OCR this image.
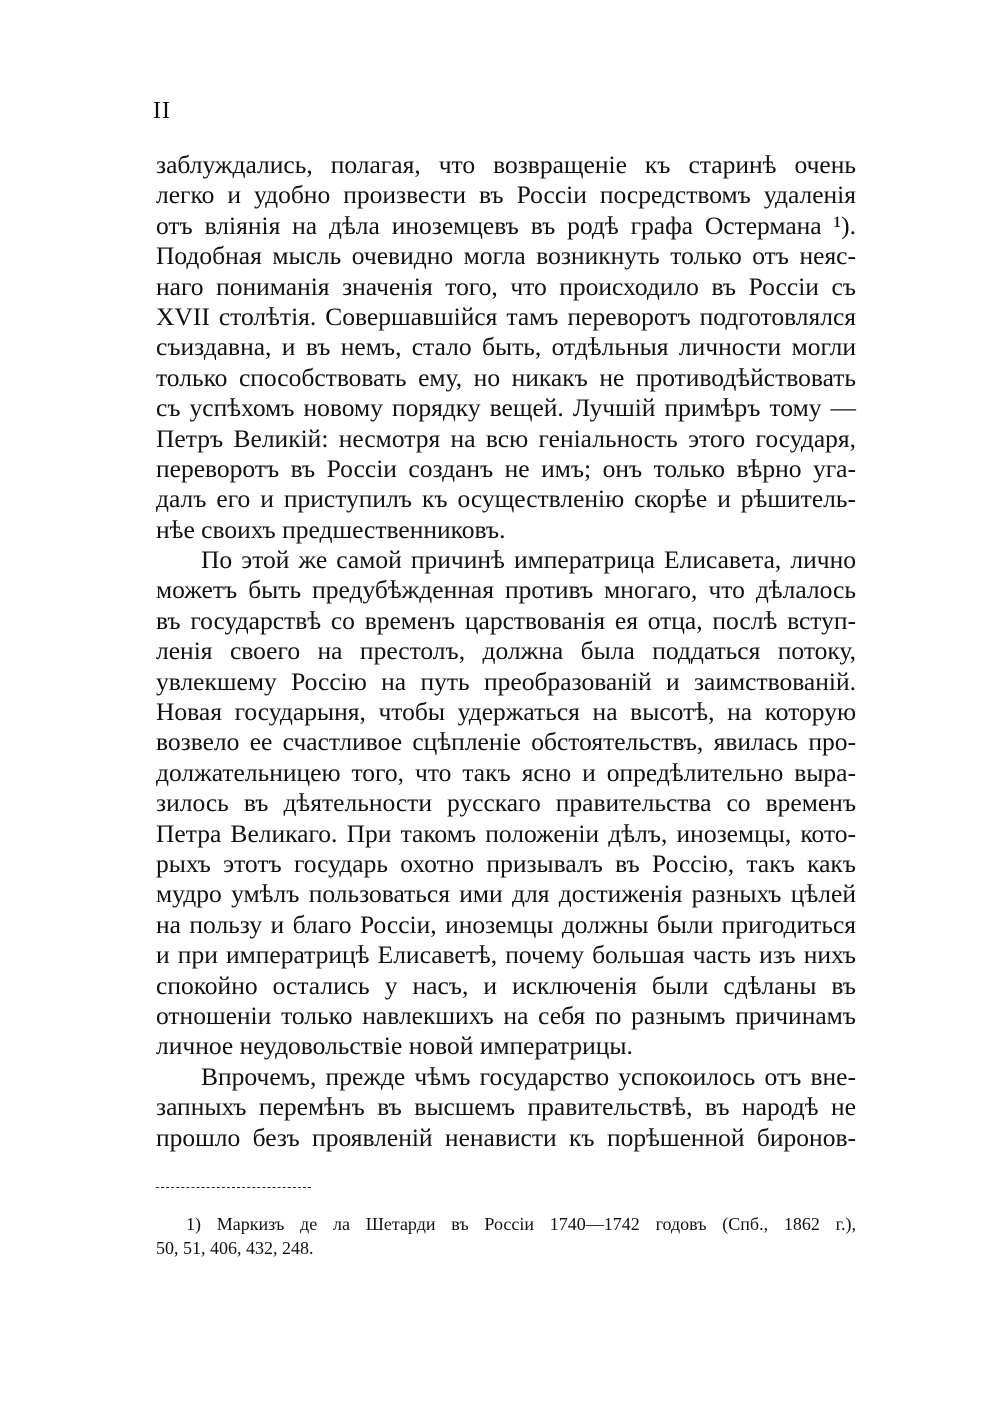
II
заблуждались, полагая, что возвращенiе къ старинѣ очень
легко и удобно произвести въ Россiи посредствомъ удаленiя
отъ влiянiя на дѣла иноземцевъ въ родѣ графа Остермана ¹).
Подобная мысль очевидно могла возникнуть только отъ неяс-
наго пониманiя значенiя того, что происходило въ Россiи съ
XVII столѣтiя. Совершавшiйся тамъ переворотъ подготовлялся
съиздавна, и въ немъ, стало быть, отдѣльныя личности могли
только способствовать ему, но никакъ не противодѣйствовать
съ успѣхомъ новому порядку вещей. Лучшiй примѣръ тому —
Петръ Великiй: несмотря на всю генiальность этого государя,
переворотъ въ Россiи созданъ не имъ; онъ только вѣрно уга-
далъ его и приступилъ къ осуществленiю скорѣе и рѣшитель-
нѣе своихъ предшественниковъ.
По этой же самой причинѣ императрица Елисавета, лично
можетъ быть предубѣжденная противъ многаго, что дѣлалось
въ государствѣ со временъ царствованiя ея отца, послѣ вступ-
ленiя своего на престолъ, должна была поддаться потоку,
увлекшему Россiю на путь преобразованiй и заимствованiй.
Новая государыня, чтобы удержаться на высотѣ, на которую
возвело ее счастливое сцѣпленiе обстоятельствъ, явилась про-
должательницею того, что такъ ясно и опредѣлительно выра-
зилось въ дѣятельности русскаго правительства со временъ
Петра Великаго. При такомъ положенiи дѣлъ, иноземцы, кото-
рыхъ этотъ государь охотно призывалъ въ Россiю, такъ какъ
мудро умѣлъ пользоваться ими для достиженiя разныхъ цѣлей
на пользу и благо Россiи, иноземцы должны были пригодиться
и при императрицѣ Елисаветѣ, почему большая часть изъ нихъ
спокойно остались у насъ, и исключенiя были сдѣланы въ
отношенiи только навлекшихъ на себя по разнымъ причинамъ
личное неудовольствiе новой императрицы.
Впрочемъ, прежде чѣмъ государство успокоилось отъ вне-
запныхъ перемѣнъ въ высшемъ правительствѣ, въ народѣ не
прошло безъ проявленiй ненависти къ порѣшенной биронов-
1) Маркизъ де ла Шетарди въ Россiи 1740—1742 годовъ (Спб., 1862 г.),
50, 51, 406, 432, 248.
